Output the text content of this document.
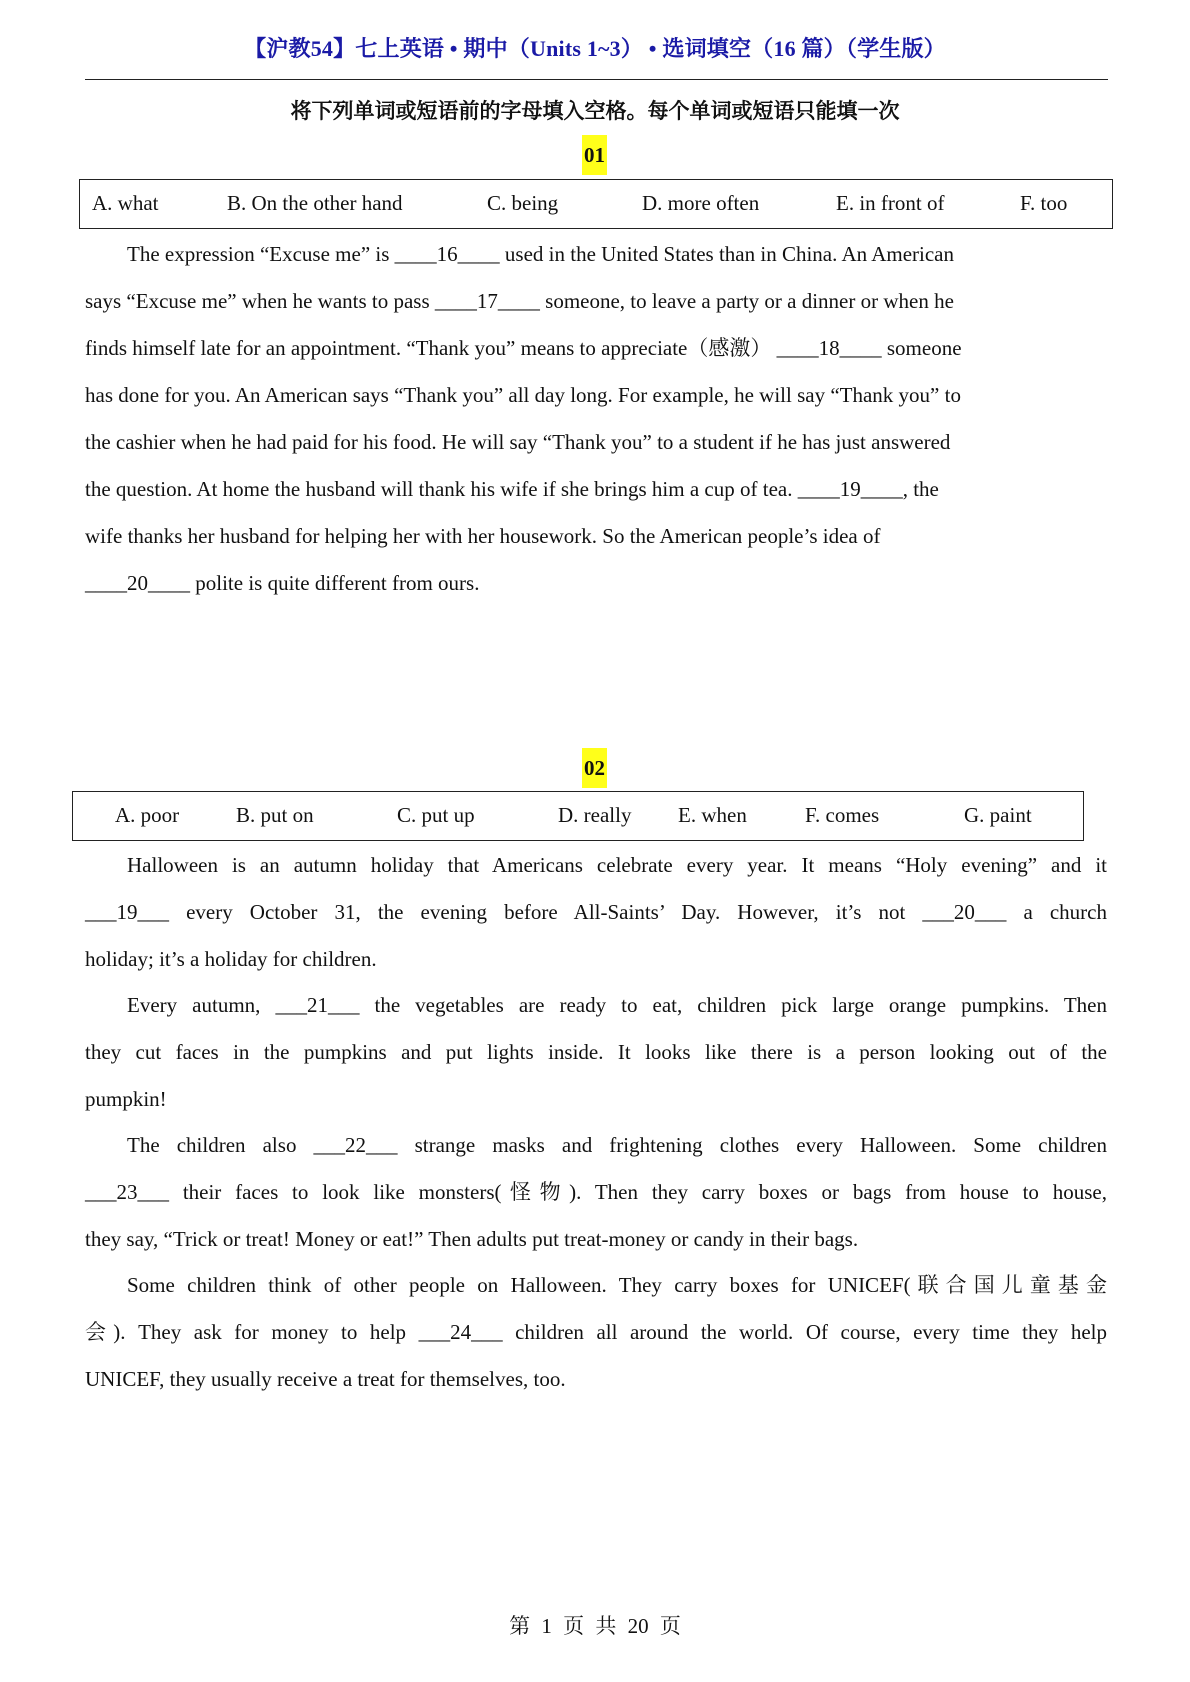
【沪教54】七上英语 • 期中（Units 1~3） • 选词填空（16 篇）（学生版）
将下列单词或短语前的字母填入空格。每个单词或短语只能填一次
01
A. what	B. On the other hand	C. being	D. more often	E. in front of	F. too
The expression “Excuse me” is ____16____ used in the United States than in China. An American
says “Excuse me” when he wants to pass ____17____ someone, to leave a party or a dinner or when he
finds himself late for an appointment. “Thank you” means to appreciate（感激） ____18____ someone
has done for you. An American says “Thank you” all day long. For example, he will say “Thank you” to
the cashier when he had paid for his food. He will say “Thank you” to a student if he has just answered
the question. At home the husband will thank his wife if she brings him a cup of tea. ____19____, the
wife thanks her husband for helping her with her housework. So the American people’s idea of
____20____ polite is quite different from ours.
02
A. poor	B. put on	C. put up	D. really E. when	F. comes	G. paint
Halloween is an autumn holiday that Americans celebrate every year. It means “Holy evening” and it
___19___ every October 31, the evening before All-Saints’ Day. However, it’s not ___20___ a church
holiday; it’s a holiday for children.
Every autumn, ___21___ the vegetables are ready to eat, children pick large orange pumpkins. Then
they cut faces in the pumpkins and put lights inside. It looks like there is a person looking out of the
pumpkin!
The children also ___22___ strange masks and frightening clothes every Halloween. Some children
___23___ their faces to look like monsters(怪物). Then they carry boxes or bags from house to house,
they say, “Trick or treat! Money or eat!” Then adults put treat-money or candy in their bags.
Some children think of other people on Halloween. They carry boxes for UNICEF(联合国儿童基金
会). They ask for money to help ___24___ children all around the world. Of course, every time they help
UNICEF, they usually receive a treat for themselves, too.
第 1 页 共 20 页
